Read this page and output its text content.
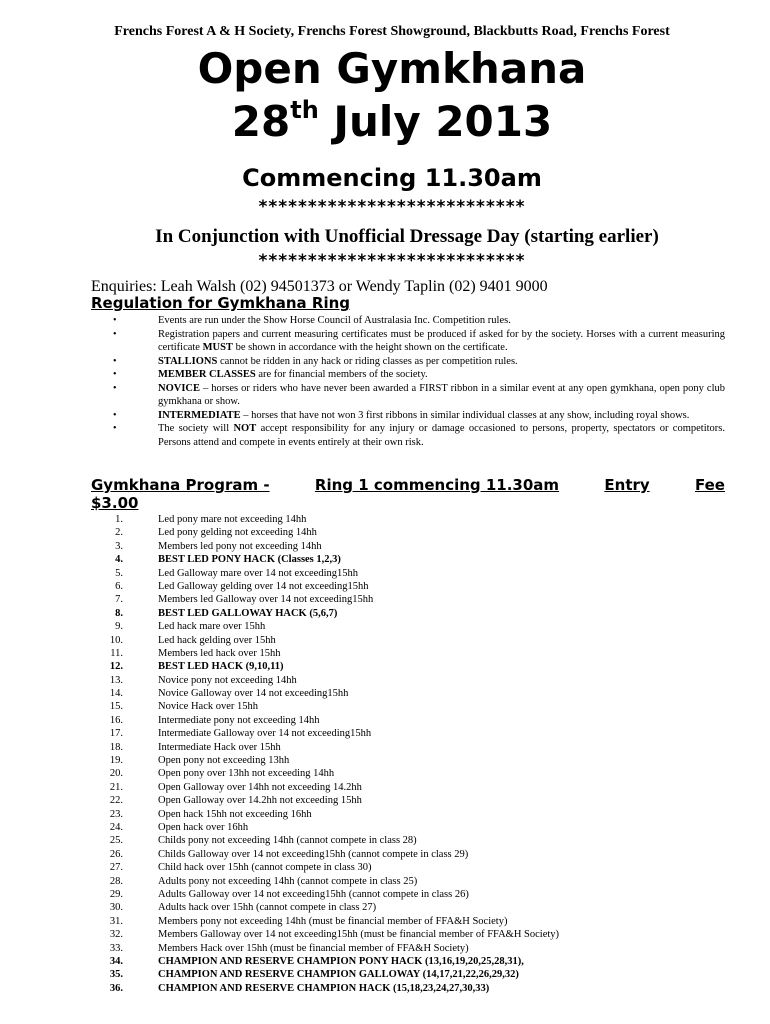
Frenchs Forest A & H Society, Frenchs Forest Showground, Blackbutts Road, Frenchs Forest
Open Gymkhana
28th July 2013
Commencing 11.30am
***************************
In Conjunction with Unofficial Dressage Day (starting earlier)
***************************
Enquiries: Leah Walsh (02) 94501373 or Wendy Taplin (02) 9401 9000
Regulation for Gymkhana Ring
•	Events are run under the Show Horse Council of Australasia Inc. Competition rules.
•	Registration papers and current measuring certificates must be produced if asked for by the society. Horses with a current measuring certificate MUST be shown in accordance with the height shown on the certificate.
•	STALLIONS cannot be ridden in any hack or riding classes as per competition rules.
•	MEMBER CLASSES are for financial members of the society.
•	NOVICE – horses or riders who have never been awarded a FIRST ribbon in a similar event at any open gymkhana, open pony club gymkhana or show.
•	INTERMEDIATE – horses that have not won 3 first ribbons in similar individual classes at any show, including royal shows.
•	The society will NOT accept responsibility for any injury or damage occasioned to persons, property, spectators or competitors. Persons attend and compete in events entirely at their own risk.
Gymkhana Program -	Ring 1 commencing 11.30am	Entry	Fee
$3.00
1.	Led pony mare not exceeding 14hh
2.	Led pony gelding not exceeding 14hh
3.	Members led pony not exceeding 14hh
4.	BEST LED PONY HACK (Classes 1,2,3)
5.	Led Galloway mare over 14 not exceeding15hh
6.	Led Galloway gelding over 14 not exceeding15hh
7.	Members led Galloway over 14 not exceeding15hh
8.	BEST LED GALLOWAY HACK (5,6,7)
9.	Led hack mare over 15hh
10.	Led hack gelding over 15hh
11.	Members led hack over 15hh
12.	BEST LED HACK (9,10,11)
13.	Novice pony not exceeding 14hh
14.	Novice Galloway over 14 not exceeding15hh
15.	Novice Hack over 15hh
16.	Intermediate pony not exceeding 14hh
17.	Intermediate Galloway over 14 not exceeding15hh
18.	Intermediate Hack over 15hh
19.	Open pony not exceeding 13hh
20.	Open pony over 13hh not exceeding 14hh
21.	Open Galloway over 14hh not exceeding 14.2hh
22.	Open Galloway over 14.2hh not exceeding 15hh
23.	Open hack 15hh not exceeding 16hh
24.	Open hack over 16hh
25.	Childs pony not exceeding 14hh (cannot compete in class 28)
26.	Childs Galloway over 14 not exceeding15hh (cannot compete in class 29)
27.	Child hack over 15hh (cannot compete in class 30)
28.	Adults pony not exceeding 14hh (cannot compete in class 25)
29.	Adults Galloway over 14 not exceeding15hh (cannot compete in class 26)
30.	Adults hack over 15hh (cannot compete in class 27)
31.	Members pony not exceeding 14hh (must be financial member of FFA&H Society)
32.	Members Galloway over 14 not exceeding15hh (must be financial member of FFA&H Society)
33.	Members Hack over 15hh (must be financial member of FFA&H Society)
34.	CHAMPION AND RESERVE CHAMPION PONY HACK (13,16,19,20,25,28,31),
35.	CHAMPION AND RESERVE CHAMPION GALLOWAY (14,17,21,22,26,29,32)
36.	CHAMPION AND RESERVE CHAMPION HACK (15,18,23,24,27,30,33)
